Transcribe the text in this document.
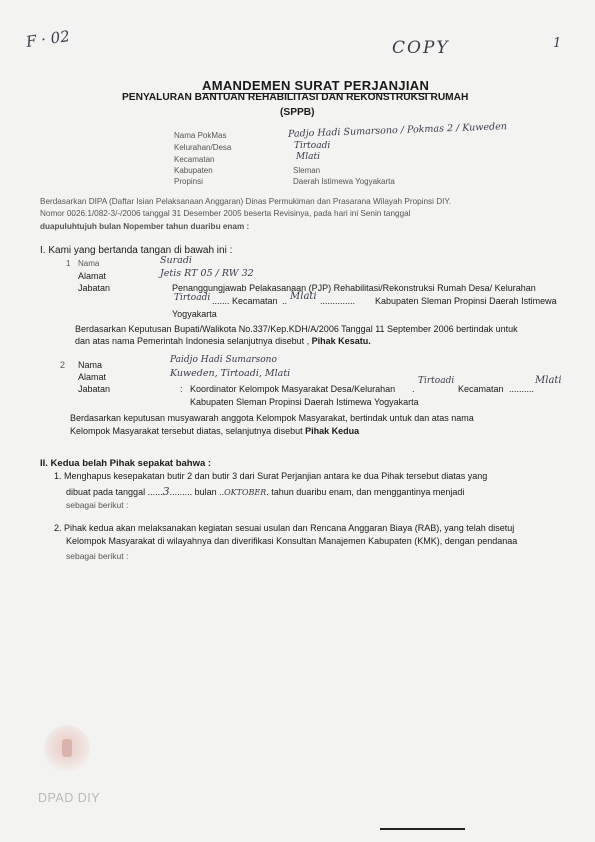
F · 02	COPY	1
AMANDEMEN SURAT PERJANJIAN
PENYALURAN BANTUAN REHABILITASI DAN REKONSTRUKSI RUMAH
(SPPB)
Nama PokMas	Padjo Hadi Sumarsono / Pokmas 2 / Kuweden
Kelurahan/Desa	Tirtoadi
Kecamatan	Mlati
Kabupaten	Sleman
Propinsi	Daerah Istimewa Yogyakarta
Berdasarkan DIPA (Daftar Isian Pelaksanaan Anggaran) Dinas Permukiman dan Prasarana Wilayah Propinsi DIY.
Nomor 0026.1/082-3/-/2006 tanggal 31 Desember 2005 beserta Revisinya, pada hari ini Senin tanggal
duapuluhtujuh bulan Nopember tahun duaribu enam :
I. Kami yang bertanda tangan di bawah ini :
1 Nama	Suradi
Alamat	Jetis RT 05 / RW 32
Jabatan	Penanggungjawab Pelakasanaan (PJP) Rehabilitasi/Rekonstruksi Rumah Desa/ Kelurahan
Tirtoadi ....... Kecamatan .. Mlati .............. Kabupaten Sleman Propinsi Daerah Istimewa
Yogyakarta
Berdasarkan Keputusan Bupati/Walikota No.337/Kep.KDH/A/2006 Tanggal 11 September 2006 bertindak untuk
dan atas nama Pemerintah Indonesia selanjutnya disebut , Pihak Kesatu.
2 Nama	Paidjo Hadi Sumarsono
Alamat	Kuweden, Tirtoadi, Mlati
Jabatan	: Koordinator Kelompok Masyarakat Desa/Kelurahan .
Tirtoadi
Kecamatan ..........
Mlati
Kabupaten Sleman Propinsi Daerah Istimewa Yogyakarta
Berdasarkan keputusan musyawarah anggota Kelompok Masyarakat, bertindak untuk dan atas nama
Kelompok Masyarakat tersebut diatas, selanjutnya disebut Pihak Kedua
II. Kedua belah Pihak sepakat bahwa :
1. Menghapus kesepakatan butir 2 dan butir 3 dari Surat Perjanjian antara ke dua Pihak tersebut diatas yang
dibuat pada tanggal ......3......... bulan ..OKTOBER. tahun duaribu enam, dan menggantinya menjadi
sebagai berikut :
2. Pihak kedua akan melaksanakan kegiatan sesuai usulan dan Rencana Anggaran Biaya (RAB), yang telah disetuj
Kelompok Masyarakat di wilayahnya dan diverifikasi Konsultan Manajemen Kabupaten (KMK), dengan pendanaa
sebagai berikut :
DPAD DIY
